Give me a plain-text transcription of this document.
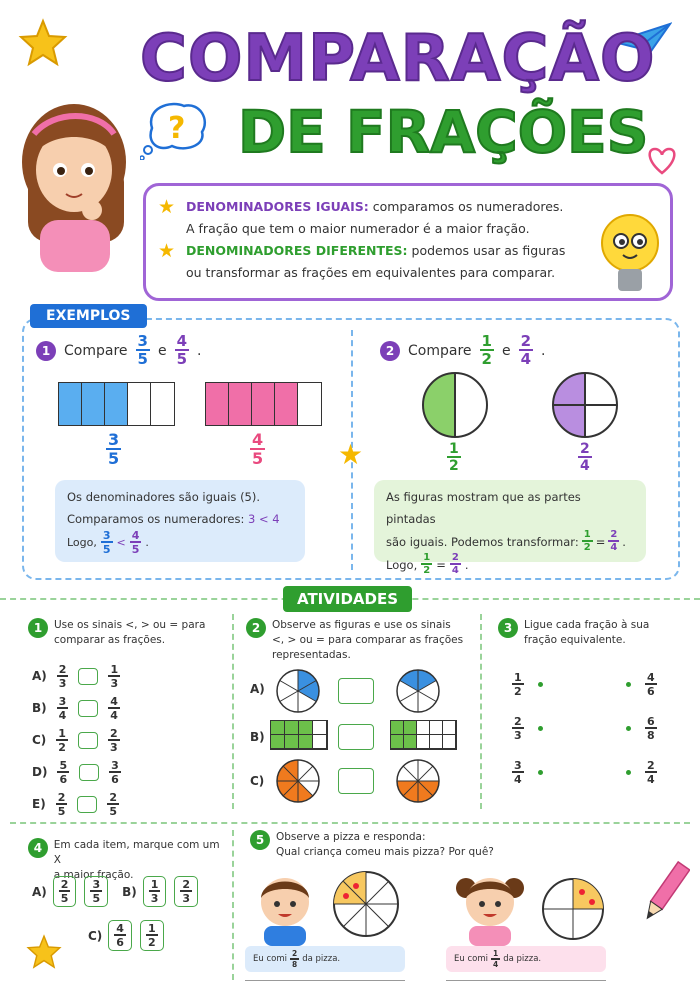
?
COMPARAÇÃO
DE FRAÇÕES
★ DENOMINADORES IGUAIS: comparamos os numeradores.
A fração que tem o maior numerador é a maior fração.
★ DENOMINADORES DIFERENTES: podemos usar as figuras
ou transformar as frações em equivalentes para comparar.
EXEMPLOS
★
1 Compare $\frac{3}{5}$ e $\frac{4}{5}$ .
$\frac{3}{5}$	$\frac{4}{5}$
Os denominadores são iguais (5).
Comparamos os numeradores: 3 < 4
Logo, $\frac{3}{5} < \frac{4}{5}$ .
2 Compare $\frac{1}{2}$ e $\frac{2}{4}$ .
$\frac{1}{2}$	$\frac{2}{4}$
As figuras mostram que as partes pintadas
são iguais. Podemos transformar: $\frac{1}{2} = \frac{2}{4}$ .
Logo, $\frac{1}{2} = \frac{2}{4}$ .
ATIVIDADES
1	Use os sinais <, > ou = para
comparar as frações.
$A) \frac{2}{3}$	$\frac{1}{3}$
$B) \frac{3}{4}$	$\frac{4}{4}$
$C) \frac{1}{2}$	$\frac{2}{3}$
$D) \frac{5}{6}$	$\frac{3}{6}$
$E) \frac{2}{5}$	$\frac{2}{5}$
2	Observe as figuras e use os sinais
<, > ou = para comparar as frações
representadas.
A)
B)
C)
3	Ligue cada fração à sua
fração equivalente.
$\frac{1}{2}$
$\frac{2}{3}$
$\frac{3}{4}$
$\frac{4}{6}$
$\frac{6}{8}$
$\frac{2}{4}$
4	Em cada item, marque com um X
a maior fração.
$A) \frac{2}{5} \frac{3}{5} B) \frac{1}{3} \frac{2}{3}$
$C) \frac{4}{6} \frac{1}{2}$
5	Observe a pizza e responda:
Qual criança comeu mais pizza? Por quê?
Eu comi $\frac{2}{8}$ da pizza.	Eu comi $\frac{1}{4}$ da pizza.
